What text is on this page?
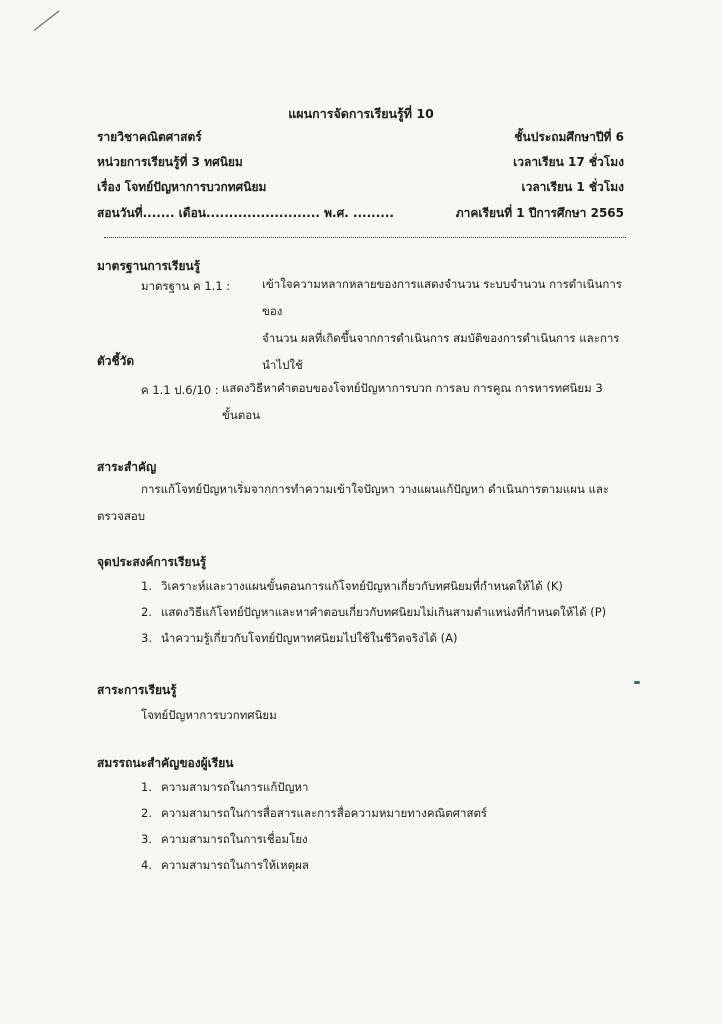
แผนการจัดการเรียนรู้ที่ 10
รายวิชาคณิตศาสตร์	ชั้นประถมศึกษาปีที่ 6
หน่วยการเรียนรู้ที่ 3 ทศนิยม	เวลาเรียน 17 ชั่วโมง
เรื่อง โจทย์ปัญหาการบวกทศนิยม	เวลาเรียน 1 ชั่วโมง
สอนวันที่....... เดือน......................... พ.ศ. .........	ภาคเรียนที่ 1 ปีการศึกษา 2565
มาตรฐานการเรียนรู้
มาตรฐาน ค 1.1 :	เข้าใจความหลากหลายของการแสดงจำนวน ระบบจำนวน การดำเนินการของ
จำนวน ผลที่เกิดขึ้นจากการดำเนินการ สมบัติของการดำเนินการ และการ
นำไปใช้
ตัวชี้วัด
ค 1.1 ป.6/10 : แสดงวิธีหาคำตอบของโจทย์ปัญหาการบวก การลบ การคูณ การหารทศนิยม 3
ขั้นตอน
สาระสำคัญ
การแก้โจทย์ปัญหาเริ่มจากการทำความเข้าใจปัญหา วางแผนแก้ปัญหา ดำเนินการตามแผน และ
ตรวจสอบ
จุดประสงค์การเรียนรู้
1. วิเคราะห์และวางแผนขั้นตอนการแก้โจทย์ปัญหาเกี่ยวกับทศนิยมที่กำหนดให้ได้ (K)
2. แสดงวิธีแก้โจทย์ปัญหาและหาคำตอบเกี่ยวกับทศนิยมไม่เกินสามตำแหน่งที่กำหนดให้ได้ (P)
3. นำความรู้เกี่ยวกับโจทย์ปัญหาทศนิยมไปใช้ในชีวิตจริงได้ (A)
สาระการเรียนรู้
โจทย์ปัญหาการบวกทศนิยม
สมรรถนะสำคัญของผู้เรียน
1. ความสามารถในการแก้ปัญหา
2. ความสามารถในการสื่อสารและการสื่อความหมายทางคณิตศาสตร์
3. ความสามารถในการเชื่อมโยง
4. ความสามารถในการให้เหตุผล
